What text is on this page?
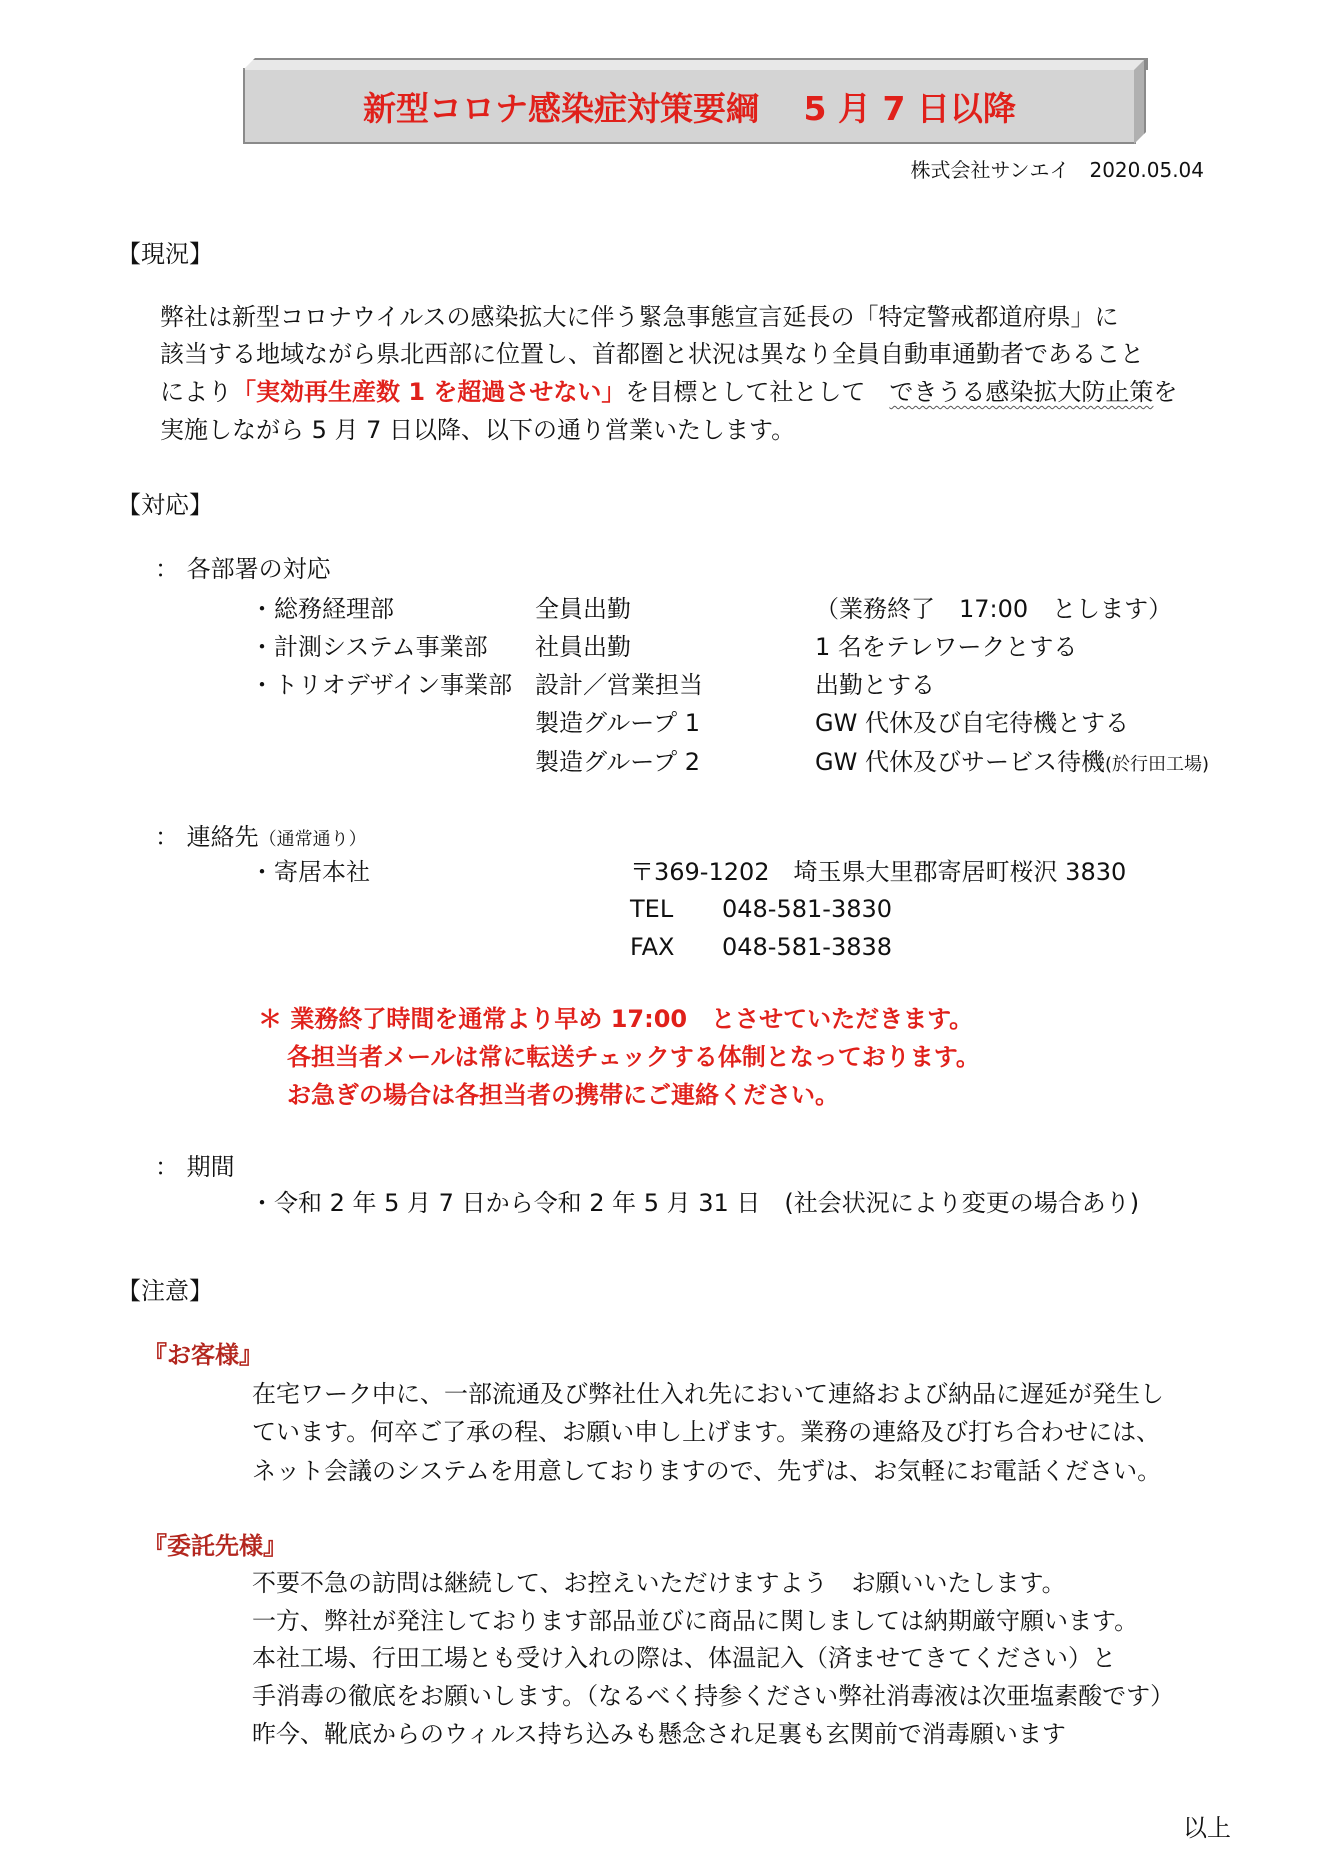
新型コロナ感染症対策要綱　 5 月 7 日以降
株式会社サンエイ　2020.05.04
【現況】
弊社は新型コロナウイルスの感染拡大に伴う緊急事態宣言延長の「特定警戒都道府県」に
該当する地域ながら県北西部に位置し、首都圏と状況は異なり全員自動車通勤者であること
により「実効再生産数 1 を超過させない」を目標として社として　できうる感染拡大防止策を
実施しながら 5 月 7 日以降、以下の通り営業いたします。
【対応】
： 各部署の対応
・総務経理部	全員出勤	（業務終了　17:00　とします）
・計測システム事業部 社員出勤	1 名をテレワークとする
・トリオデザイン事業部 設計／営業担当	出勤とする
製造グループ 1	GW 代休及び自宅待機とする
製造グループ 2	GW 代休及びサービス待機(於行田工場)
： 連絡先（通常通り）
・寄居本社	〒369-1202　埼玉県大里郡寄居町桜沢 3830
TEL 048-581-3830
FAX 048-581-3838
＊ 業務終了時間を通常より早め 17:00　とさせていただきます。
各担当者メールは常に転送チェックする体制となっております。
お急ぎの場合は各担当者の携帯にご連絡ください。
： 期間
・令和 2 年 5 月 7 日から令和 2 年 5 月 31 日　(社会状況により変更の場合あり)
【注意】
『お客様』
在宅ワーク中に、一部流通及び弊社仕入れ先において連絡および納品に遅延が発生し
ています。何卒ご了承の程、お願い申し上げます。業務の連絡及び打ち合わせには、
ネット会議のシステムを用意しておりますので、先ずは、お気軽にお電話ください。
『委託先様』
不要不急の訪問は継続して、お控えいただけますよう　お願いいたします。
一方、弊社が発注しております部品並びに商品に関しましては納期厳守願います。
本社工場、行田工場とも受け入れの際は、体温記入（済ませてきてください）と
手消毒の徹底をお願いします。（なるべく持参ください弊社消毒液は次亜塩素酸です）
昨今、靴底からのウィルス持ち込みも懸念され足裏も玄関前で消毒願います
以上
